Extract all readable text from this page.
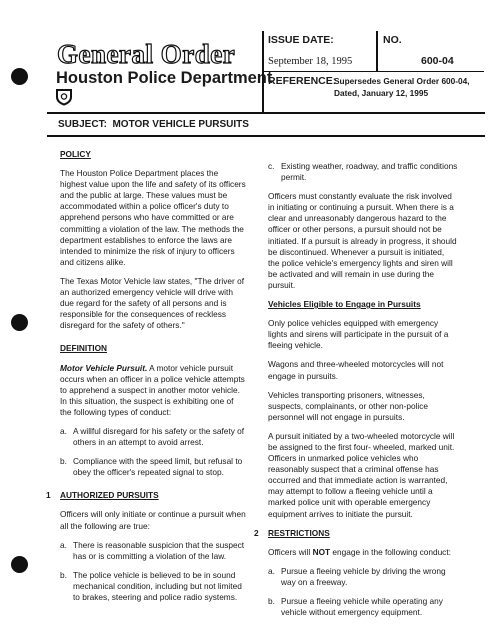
General Order
Houston Police Department
ISSUE DATE:
September 18, 1995
NO.
600-04
REFERENCE:
Supersedes General Order 600-04,
Dated, January 12, 1995
SUBJECT: MOTOR VEHICLE PURSUITS
POLICY

The Houston Police Department places the highest value upon the life and safety of its officers and the public at large. These values must be accommodated within a police officer's duty to apprehend persons who have committed or are committing a violation of the law. The methods the department establishes to enforce the laws are intended to minimize the risk of injury to officers and citizens alike.

The Texas Motor Vehicle law states, "The driver of an authorized emergency vehicle will drive with due regard for the safety of all persons and is responsible for the consequences of reckless disregard for the safety of others."

DEFINITION

Motor Vehicle Pursuit. A motor vehicle pursuit occurs when an officer in a police vehicle attempts to apprehend a suspect in another motor vehicle. In this situation, the suspect is exhibiting one of the following types of conduct:

a. A willful disregard for his safety or the safety of others in an attempt to avoid arrest.
b. Compliance with the speed limit, but refusal to obey the officer's repeated signal to stop.
1 AUTHORIZED PURSUITS

Officers will only initiate or continue a pursuit when all the following are true:

a. There is reasonable suspicion that the suspect has or is committing a violation of the law.
b. The police vehicle is believed to be in sound mechanical condition, including but not limited to brakes, steering and police radio systems.
c. Existing weather, roadway, and traffic conditions permit.

Officers must constantly evaluate the risk involved in initiating or continuing a pursuit. When there is a clear and unreasonably dangerous hazard to the officer or other persons, a pursuit should not be initiated. If a pursuit is already in progress, it should be discontinued. Whenever a pursuit is initiated, the police vehicle's emergency lights and siren will be activated and will remain in use during the pursuit.

Vehicles Eligible to Engage in Pursuits

Only police vehicles equipped with emergency lights and sirens will participate in the pursuit of a fleeing vehicle.

Wagons and three-wheeled motorcycles will not engage in pursuits.

Vehicles transporting prisoners, witnesses, suspects, complainants, or other non-police personnel will not engage in pursuits.

A pursuit initiated by a two-wheeled motorcycle will be assigned to the first four- wheeled, marked unit. Officers in unmarked police vehicles who reasonably suspect that a criminal offense has occurred and that immediate action is warranted, may attempt to follow a fleeing vehicle until a marked police unit with operable emergency equipment arrives to initiate the pursuit.

2 RESTRICTIONS

Officers will NOT engage in the following conduct:

a. Pursue a fleeing vehicle by driving the wrong way on a freeway.
b. Pursue a fleeing vehicle while operating any vehicle without emergency equipment.
